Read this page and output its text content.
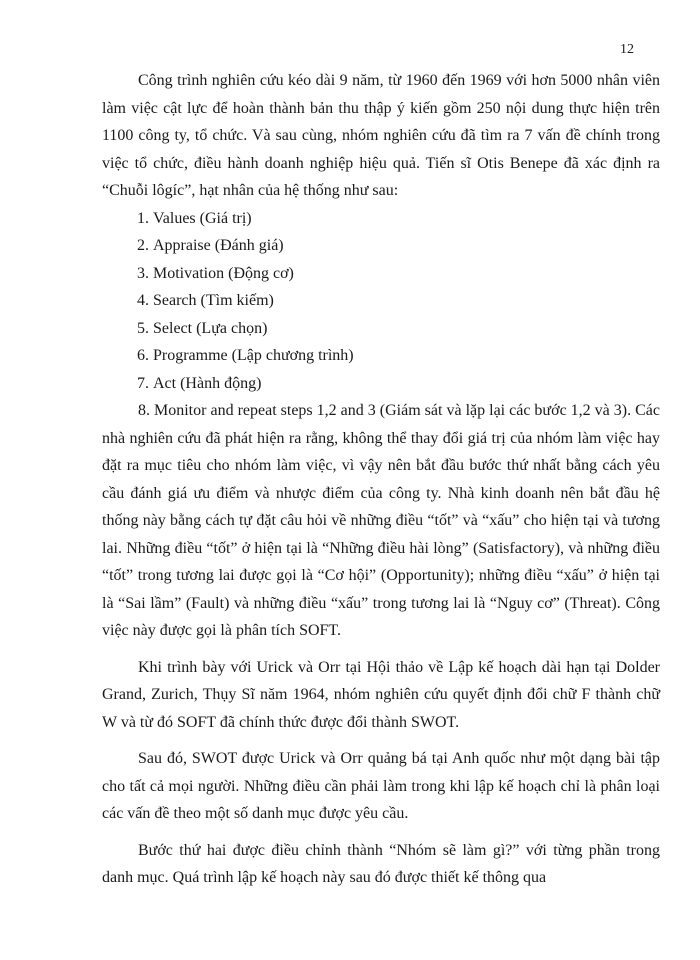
12

Công trình nghiên cứu kéo dài 9 năm, từ 1960 đến 1969 với hơn 5000 nhân viên làm việc cật lực để hoàn thành bản thu thập ý kiến gồm 250 nội dung thực hiện trên 1100 công ty, tổ chức. Và sau cùng, nhóm nghiên cứu đã tìm ra 7 vấn đề chính trong việc tổ chức, điều hành doanh nghiệp hiệu quả. Tiến sĩ Otis Benepe đã xác định ra “Chuỗi lôgíc”, hạt nhân của hệ thống như sau:

1. Values (Giá trị)
2. Appraise (Đánh giá)
3. Motivation (Động cơ)
4. Search (Tìm kiếm)
5. Select (Lựa chọn)
6. Programme (Lập chương trình)
7. Act (Hành động)

8. Monitor and repeat steps 1,2 and 3 (Giám sát và lặp lại các bước 1,2 và 3). Các nhà nghiên cứu đã phát hiện ra rằng, không thể thay đổi giá trị của nhóm làm việc hay đặt ra mục tiêu cho nhóm làm việc, vì vậy nên bắt đầu bước thứ nhất bằng cách yêu cầu đánh giá ưu điểm và nhược điểm của công ty. Nhà kinh doanh nên bắt đầu hệ thống này bằng cách tự đặt câu hỏi về những điều “tốt” và “xấu” cho hiện tại và tương lai. Những điều “tốt” ở hiện tại là “Những điều hài lòng” (Satisfactory), và những điều “tốt” trong tương lai được gọi là “Cơ hội” (Opportunity); những điều “xấu” ở hiện tại là “Sai lầm” (Fault) và những điều “xấu” trong tương lai là “Nguy cơ” (Threat). Công việc này được gọi là phân tích SOFT.

Khi trình bày với Urick và Orr tại Hội thảo về Lập kế hoạch dài hạn tại Dolder Grand, Zurich, Thụy Sĩ năm 1964, nhóm nghiên cứu quyết định đổi chữ F thành chữ W và từ đó SOFT đã chính thức được đổi thành SWOT.

Sau đó, SWOT được Urick và Orr quảng bá tại Anh quốc như một dạng bài tập cho tất cả mọi người. Những điều cần phải làm trong khi lập kế hoạch chỉ là phân loại các vấn đề theo một số danh mục được yêu cầu.

Bước thứ hai được điều chỉnh thành “Nhóm sẽ làm gì?” với từng phần trong danh mục. Quá trình lập kế hoạch này sau đó được thiết kế thông qua
